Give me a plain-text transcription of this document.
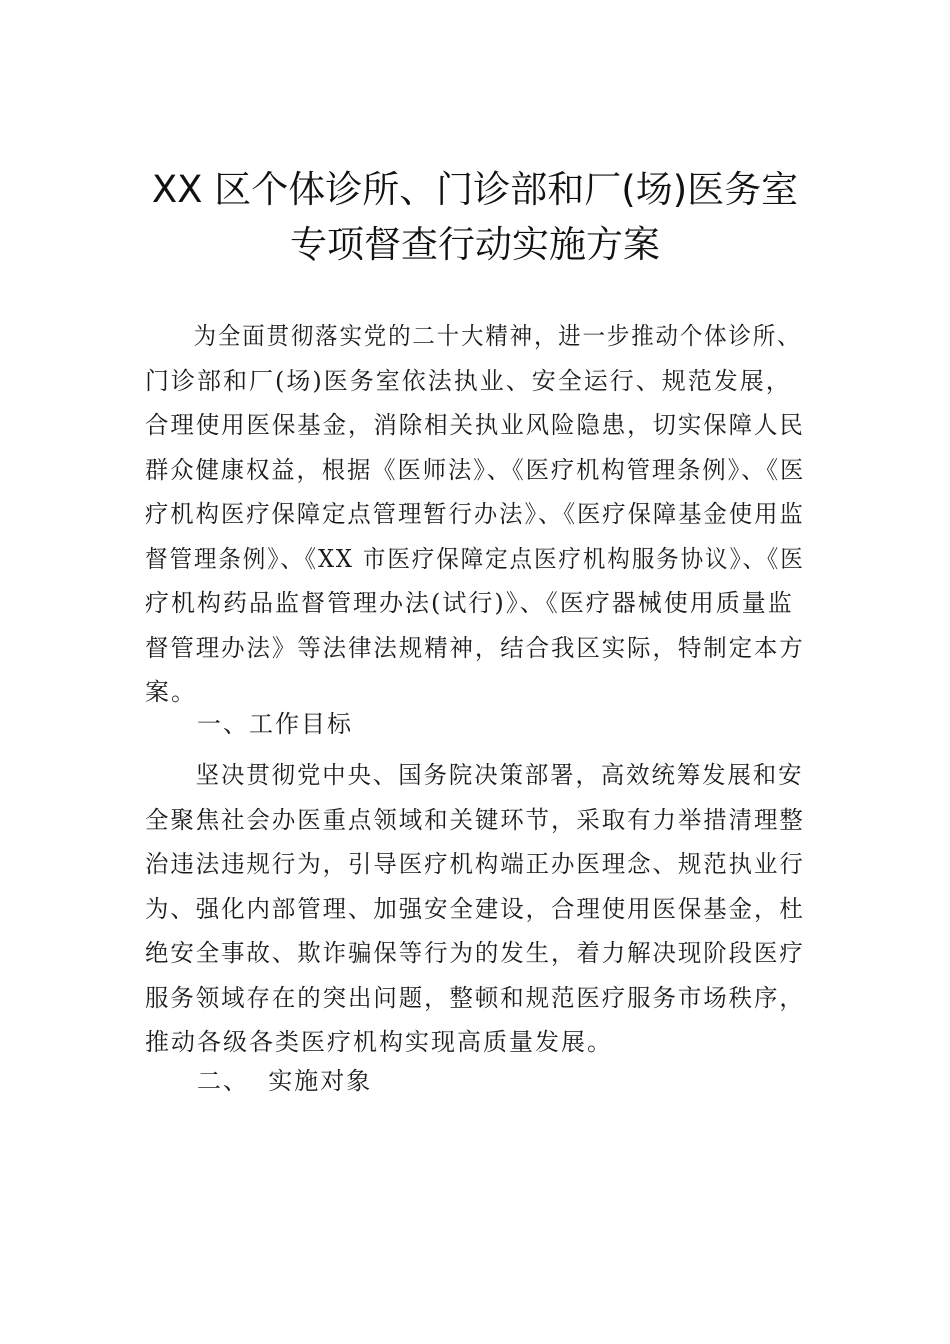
XX 区个体诊所、门诊部和厂(场)医务室
专项督查行动实施方案
为全面贯彻落实党的二十大精神，进一步推动个体诊所、
门诊部和厂(场)医务室依法执业、安全运行、规范发展，
合理使用医保基金，消除相关执业风险隐患，切实保障人民
群众健康权益，根据《医师法》、《医疗机构管理条例》、《医
疗机构医疗保障定点管理暂行办法》、《医疗保障基金使用监
督管理条例》、《XX 市医疗保障定点医疗机构服务协议》、《医
疗机构药品监督管理办法(试行)》、《医疗器械使用质量监
督管理办法》等法律法规精神，结合我区实际，特制定本方
案。
一、工作目标
坚决贯彻党中央、国务院决策部署，高效统筹发展和安
全聚焦社会办医重点领域和关键环节，采取有力举措清理整
治违法违规行为，引导医疗机构端正办医理念、规范执业行
为、强化内部管理、加强安全建设，合理使用医保基金，杜
绝安全事故、欺诈骗保等行为的发生，着力解决现阶段医疗
服务领域存在的突出问题，整顿和规范医疗服务市场秩序，
推动各级各类医疗机构实现高质量发展。
二、  实施对象
